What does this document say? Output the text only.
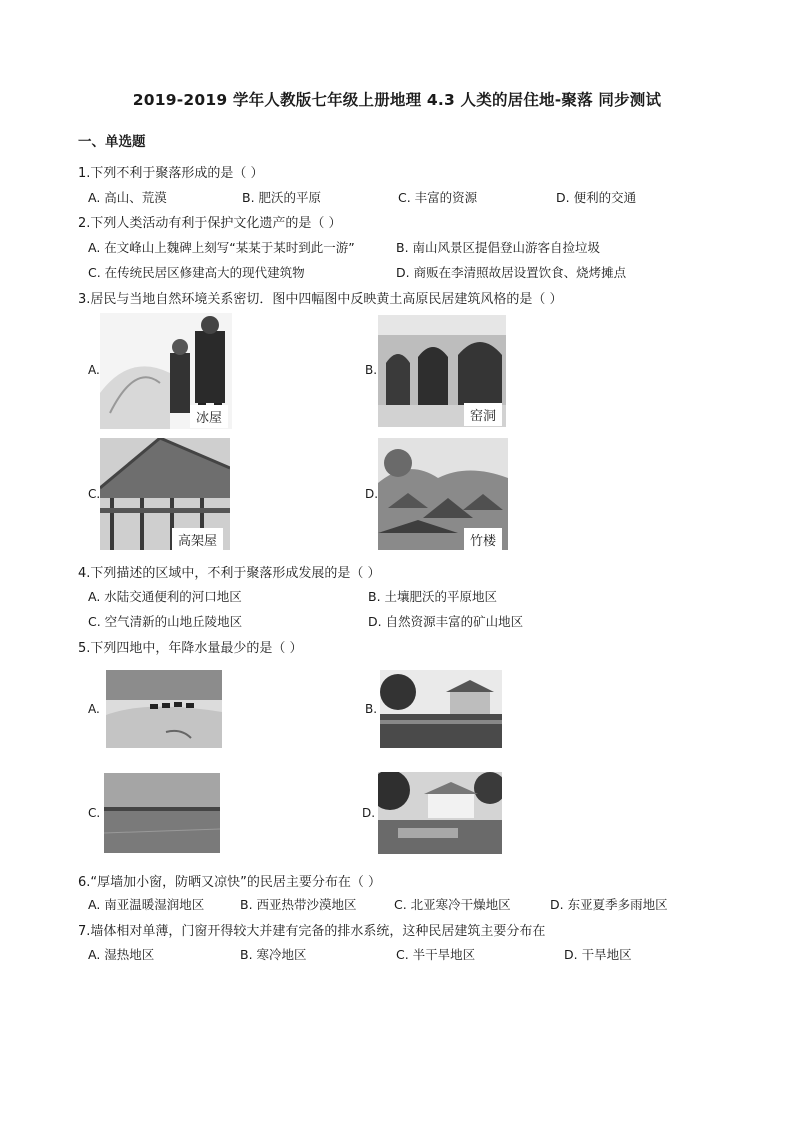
2019-2019 学年人教版七年级上册地理 4.3 人类的居住地-聚落 同步测试
一、单选题
1.下列不利于聚落形成的是（ ）
A. 高山、荒漠	B. 肥沃的平原	C. 丰富的资源	D. 便利的交通
2.下列人类活动有利于保护文化遗产的是（ ）
A. 在文峰山上魏碑上刻写“某某于某时到此一游”	B. 南山风景区提倡登山游客自捡垃圾
C. 在传统民居区修建高大的现代建筑物	D. 商贩在李清照故居设置饮食、烧烤摊点
3.居民与当地自然环境关系密切．图中四幅图中反映黄土高原民居建筑风格的是（ ）
A.
冰屋
B.
窑洞
C.
高架屋
D.
竹楼
4.下列描述的区域中，不利于聚落形成发展的是（ ）
A. 水陆交通便利的河口地区	B. 土壤肥沃的平原地区
C. 空气清新的山地丘陵地区	D. 自然资源丰富的矿山地区
5.下列四地中，年降水量最少的是（ ）
A.	B.
C.	D.
6.“厚墙加小窗，防晒又凉快”的民居主要分布在（ ）
A. 南亚温暖湿润地区	B. 西亚热带沙漠地区	C. 北亚寒冷干燥地区	D. 东亚夏季多雨地区
7.墙体相对单薄，门窗开得较大并建有完备的排水系统，这种民居建筑主要分布在
A. 湿热地区	B. 寒冷地区	C. 半干旱地区	D. 干旱地区
